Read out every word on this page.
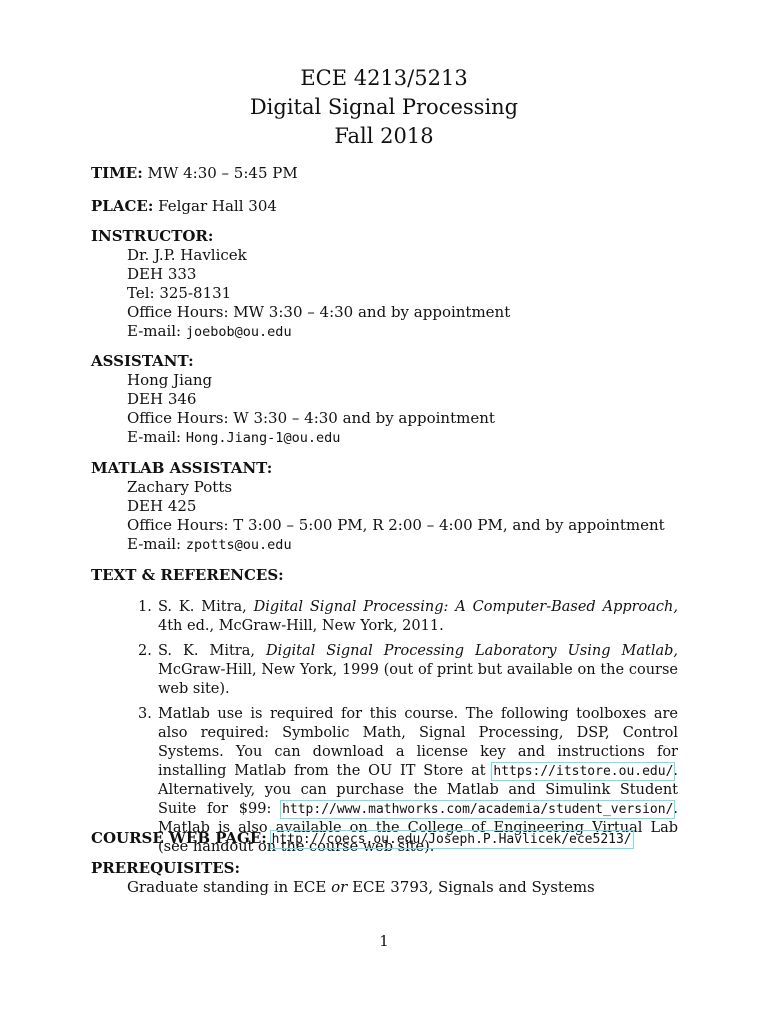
ECE 4213/5213
Digital Signal Processing
Fall 2018
TIME: MW 4:30 – 5:45 PM
PLACE: Felgar Hall 304
INSTRUCTOR:
Dr. J.P. Havlicek
DEH 333
Tel: 325-8131
Office Hours: MW 3:30 – 4:30 and by appointment
E-mail: joebob@ou.edu
ASSISTANT:
Hong Jiang
DEH 346
Office Hours: W 3:30 – 4:30 and by appointment
E-mail: Hong.Jiang-1@ou.edu
MATLAB ASSISTANT:
Zachary Potts
DEH 425
Office Hours: T 3:00 – 5:00 PM, R 2:00 – 4:00 PM, and by appointment
E-mail: zpotts@ou.edu
TEXT & REFERENCES:
1. S. K. Mitra, Digital Signal Processing: A Computer-Based Approach, 4th ed., McGraw-Hill, New York, 2011.
2. S. K. Mitra, Digital Signal Processing Laboratory Using Matlab, McGraw-Hill, New York, 1999 (out of print but available on the course web site).
3. Matlab use is required for this course. The following toolboxes are also required: Symbolic Math, Signal Processing, DSP, Control Systems. You can download a license key and instructions for installing Matlab from the OU IT Store at https://itstore.ou.edu/. Alternatively, you can purchase the Matlab and Simulink Student Suite for $99: http://www.mathworks.com/academia/student_version/. Matlab is also available on the College of Engineering Virtual Lab (see handout on the course web site).
COURSE WEB PAGE: http://coecs.ou.edu/Joseph.P.Havlicek/ece5213/
PREREQUISITES:
Graduate standing in ECE or ECE 3793, Signals and Systems
1
